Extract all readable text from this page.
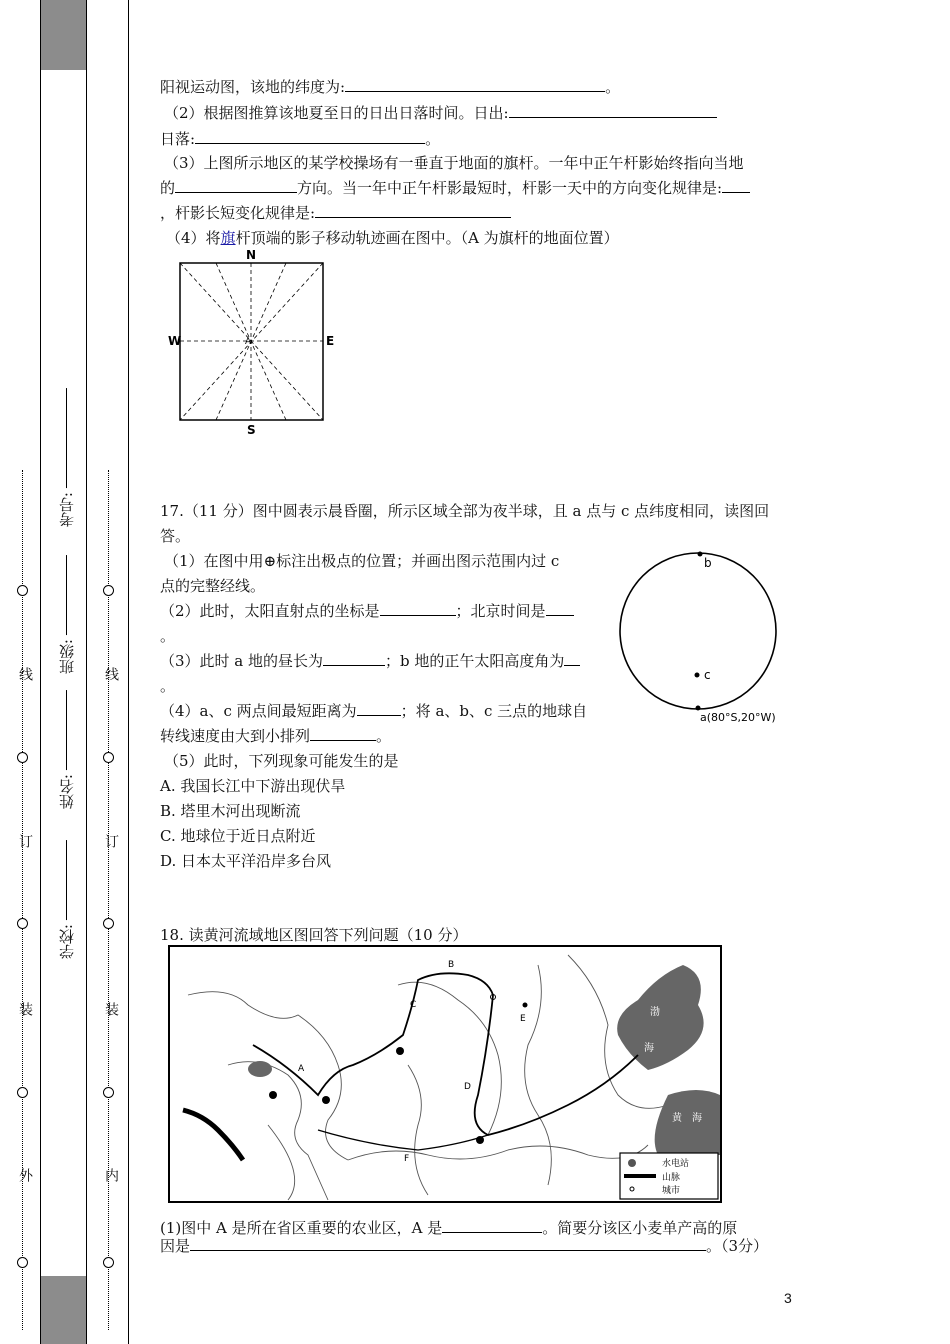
线
订
装
外
线
订
装
内
学校:
姓名:
班级:
考号:
阳视运动图，该地的纬度为:	。
（2）根据图推算该地夏至日的日出日落时间。日出:
日落:	。
（3）上图所示地区的某学校操场有一垂直于地面的旗杆。一年中正午杆影始终指向当地
的	方向。当一年中正午杆影最短时，杆影一天中的方向变化规律是:
，杆影长短变化规律是:
（4）将旗杆顶端的影子移动轨迹画在图中。（A 为旗杆的地面位置）
N
S
W	E
A
17.（11 分）图中圆表示晨昏圈，所示区域全部为夜半球，且 a 点与 c 点纬度相同，读图回
答。
（1）在图中用⊕标注出极点的位置；并画出图示范围内过 c
点的完整经线。
（2）此时，太阳直射点的坐标是	；北京时间是
。
（3）此时 a 地的昼长为	；b 地的正午太阳高度角为
。
（4）a、c 两点间最短距离为	；将 a、b、c 三点的地球自
转线速度由大到小排列	。
（5）此时，下列现象可能发生的是
A. 我国长江中下游出现伏旱
B. 塔里木河出现断流
C. 地球位于近日点附近
D. 日本太平洋沿岸多台风
b
c
a(80°S,20°W)
18. 读黄河流域地区图回答下列问题（10 分）
A
B
C
D
E
F
渤
海
黄 海
水电站
山脉
城市
(1)图中 A 是所在省区重要的农业区，A 是	。简要分该区小麦单产高的原
因是	。（3分）
3
